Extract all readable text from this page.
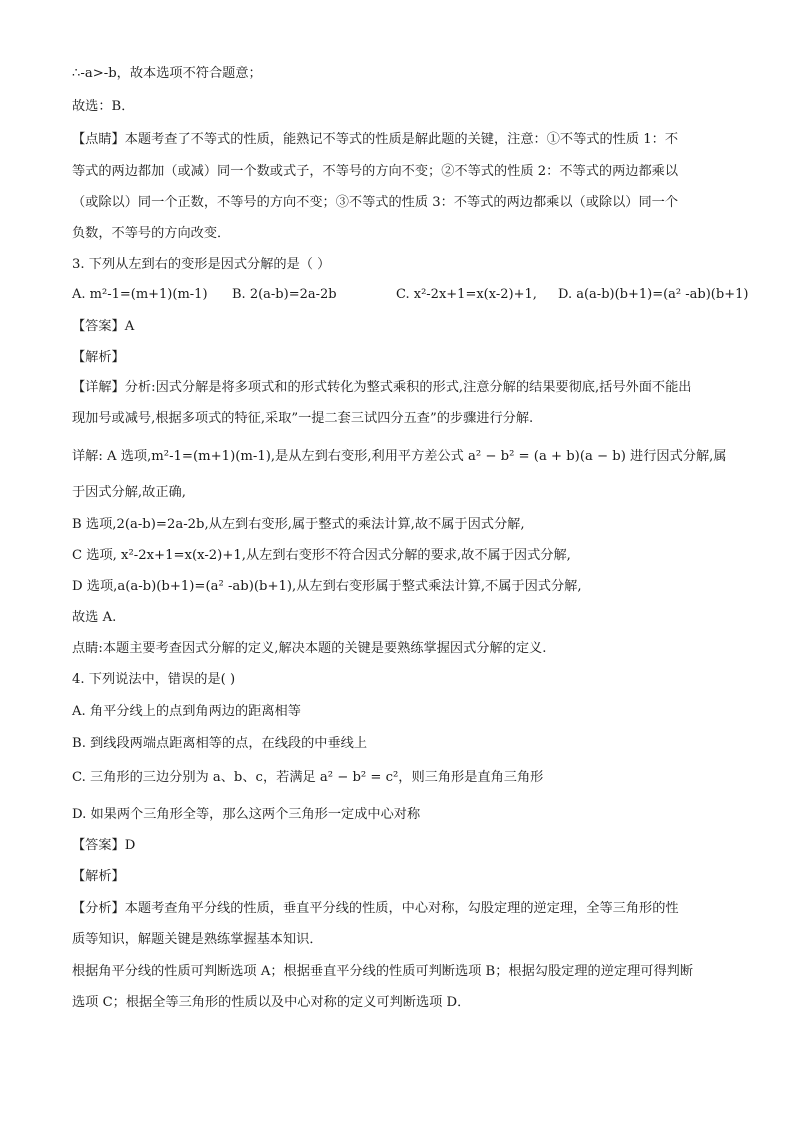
∴-a>-b，故本选项不符合题意；
故选：B．
【点睛】本题考查了不等式的性质，能熟记不等式的性质是解此题的关键，注意：①不等式的性质 1：不
等式的两边都加（或减）同一个数或式子，不等号的方向不变；②不等式的性质 2：不等式的两边都乘以
（或除以）同一个正数，不等号的方向不变；③不等式的性质 3：不等式的两边都乘以（或除以）同一个
负数，不等号的方向改变．
3. 下列从左到右的变形是因式分解的是（ ）
A. m²-1=(m+1)(m-1) B. 2(a-b)=2a-2b	C. x²-2x+1=x(x-2)+1, D. a(a-b)(b+1)=(a² -ab)(b+1)
【答案】A
【解析】
【详解】分析:因式分解是将多项式和的形式转化为整式乘积的形式,注意分解的结果要彻底,括号外面不能出
现加号或减号,根据多项式的特征,采取”一提二套三试四分五查”的步骤进行分解.
详解: A 选项,m²-1=(m+1)(m-1),是从左到右变形,利用平方差公式 a² − b² = (a + b)(a − b) 进行因式分解,属
于因式分解,故正确,
B 选项,2(a-b)=2a-2b,从左到右变形,属于整式的乘法计算,故不属于因式分解,
C 选项, x²-2x+1=x(x-2)+1,从左到右变形不符合因式分解的要求,故不属于因式分解,
D 选项,a(a-b)(b+1)=(a² -ab)(b+1),从左到右变形属于整式乘法计算,不属于因式分解,
故选 A.
点睛:本题主要考查因式分解的定义,解决本题的关键是要熟练掌握因式分解的定义.
4. 下列说法中，错误的是( )
A. 角平分线上的点到角两边的距离相等
B. 到线段两端点距离相等的点，在线段的中垂线上
C. 三角形的三边分别为 a、b、c，若满足 a² − b² = c²，则三角形是直角三角形
D. 如果两个三角形全等，那么这两个三角形一定成中心对称
【答案】D
【解析】
【分析】本题考查角平分线的性质，垂直平分线的性质，中心对称，勾股定理的逆定理，全等三角形的性
质等知识，解题关键是熟练掌握基本知识．
根据角平分线的性质可判断选项 A；根据垂直平分线的性质可判断选项 B；根据勾股定理的逆定理可得判断
选项 C；根据全等三角形的性质以及中心对称的定义可判断选项 D．
